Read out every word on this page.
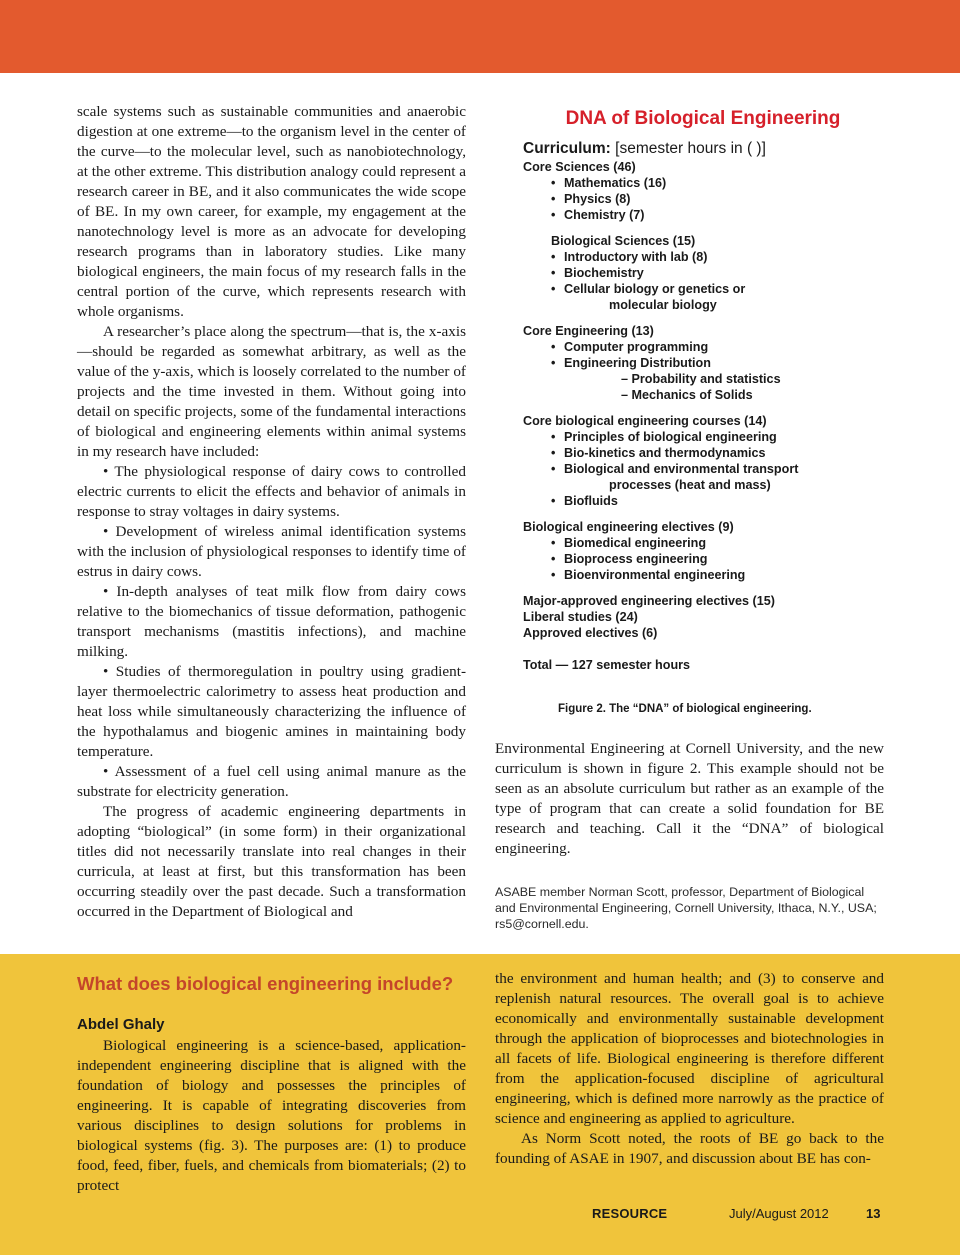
scale systems such as sustainable communities and anaerobic digestion at one extreme—to the organism level in the center of the curve—to the molecular level, such as nanobiotechnology, at the other extreme. This distribution analogy could represent a research career in BE, and it also communicates the wide scope of BE. In my own career, for example, my engagement at the nanotechnology level is more as an advocate for developing research programs than in laboratory studies. Like many biological engineers, the main focus of my research falls in the central portion of the curve, which represents research with whole organisms.

A researcher’s place along the spectrum—that is, the x-axis—should be regarded as somewhat arbitrary, as well as the value of the y-axis, which is loosely correlated to the number of projects and the time invested in them. Without going into detail on specific projects, some of the fundamental interactions of biological and engineering elements within animal systems in my research have included:

• The physiological response of dairy cows to controlled electric currents to elicit the effects and behavior of animals in response to stray voltages in dairy systems.

• Development of wireless animal identification systems with the inclusion of physiological responses to identify time of estrus in dairy cows.

• In-depth analyses of teat milk flow from dairy cows relative to the biomechanics of tissue deformation, pathogenic transport mechanisms (mastitis infections), and machine milking.

• Studies of thermoregulation in poultry using gradient-layer thermoelectric calorimetry to assess heat production and heat loss while simultaneously characterizing the influence of the hypothalamus and biogenic amines in maintaining body temperature.

• Assessment of a fuel cell using animal manure as the substrate for electricity generation.

The progress of academic engineering departments in adopting “biological” (in some form) in their organizational titles did not necessarily translate into real changes in their curricula, at least at first, but this transformation has been occurring steadily over the past decade. Such a transformation occurred in the Department of Biological and

DNA of Biological Engineering
Curriculum: [semester hours in ( )]
Core Sciences (46)
• Mathematics (16)
• Physics (8)
• Chemistry (7)
Biological Sciences (15)
• Introductory with lab (8)
• Biochemistry
• Cellular biology or genetics or
molecular biology
Core Engineering (13)
• Computer programming
• Engineering Distribution
– Probability and statistics
– Mechanics of Solids
Core biological engineering courses (14)
• Principles of biological engineering
• Bio-kinetics and thermodynamics
• Biological and environmental transport
processes (heat and mass)
• Biofluids
Biological engineering electives (9)
• Biomedical engineering
• Bioprocess engineering
• Bioenvironmental engineering
Major-approved engineering electives (15)
Liberal studies (24)
Approved electives (6)
Total — 127 semester hours
Figure 2. The “DNA” of biological engineering.

Environmental Engineering at Cornell University, and the new curriculum is shown in figure 2. This example should not be seen as an absolute curriculum but rather as an example of the type of program that can create a solid foundation for BE research and teaching. Call it the “DNA” of biological engineering.

ASABE member Norman Scott, professor, Department of Biological and Environmental Engineering, Cornell University, Ithaca, N.Y., USA; rs5@cornell.edu.
What does biological engineering include?
Abdel Ghaly

Biological engineering is a science-based, application-independent engineering discipline that is aligned with the foundation of biology and possesses the principles of engineering. It is capable of integrating discoveries from various disciplines to design solutions for problems in biological systems (fig. 3). The purposes are: (1) to produce food, feed, fiber, fuels, and chemicals from biomaterials; (2) to protect

the environment and human health; and (3) to conserve and replenish natural resources. The overall goal is to achieve economically and environmentally sustainable development through the application of bioprocesses and biotechnologies in all facets of life. Biological engineering is therefore different from the application-focused discipline of agricultural engineering, which is defined more narrowly as the practice of science and engineering as applied to agriculture.

As Norm Scott noted, the roots of BE go back to the founding of ASAE in 1907, and discussion about BE has con-

RESOURCE	July/August 2012	13
